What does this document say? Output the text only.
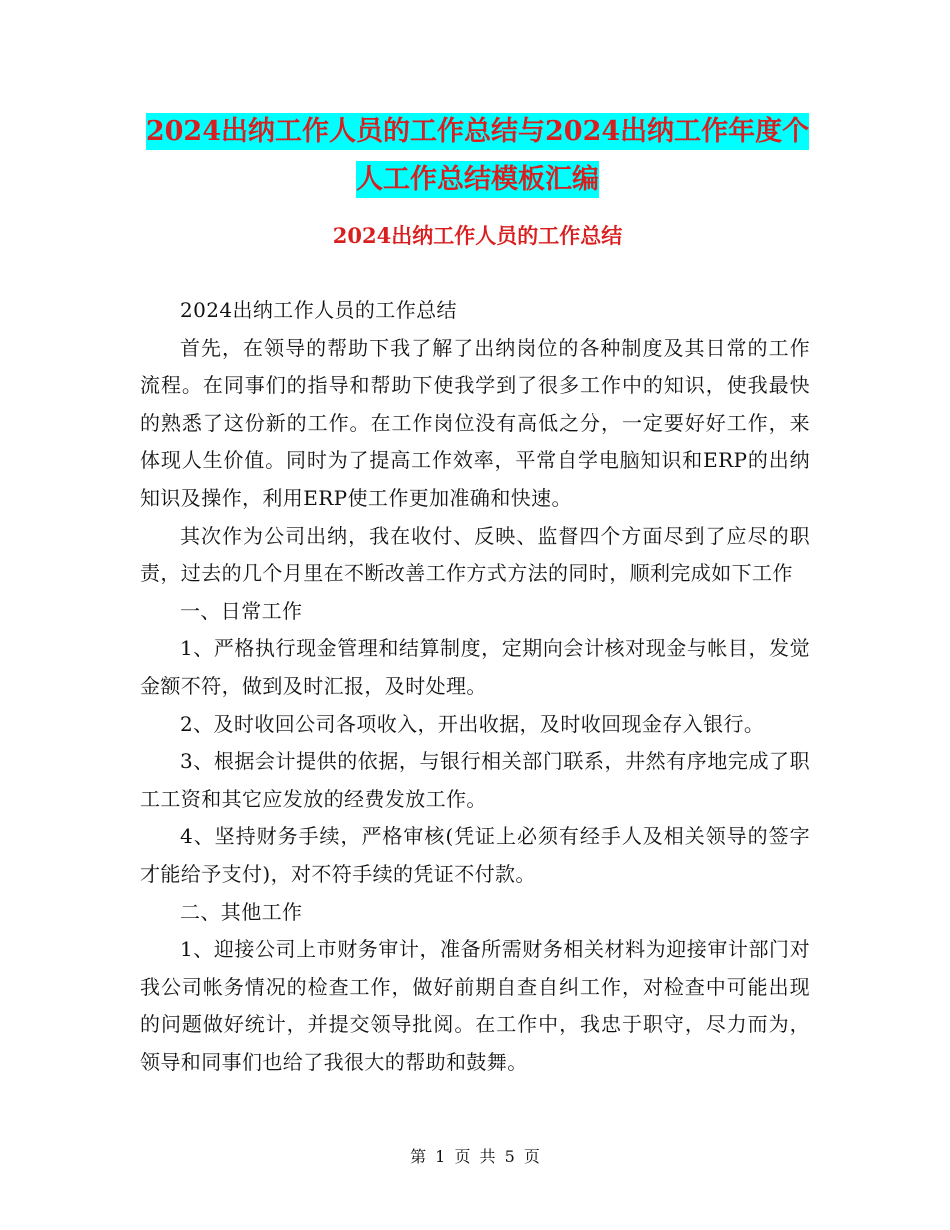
2024出纳工作人员的工作总结与2024出纳工作年度个
人工作总结模板汇编
2024出纳工作人员的工作总结

2024出纳工作人员的工作总结

首先，在领导的帮助下我了解了出纳岗位的各种制度及其日常的工作流程。在同事们的指导和帮助下使我学到了很多工作中的知识，使我最快的熟悉了这份新的工作。在工作岗位没有高低之分，一定要好好工作，来体现人生价值。同时为了提高工作效率，平常自学电脑知识和ERP的出纳知识及操作，利用ERP使工作更加准确和快速。

其次作为公司出纳，我在收付、反映、监督四个方面尽到了应尽的职责，过去的几个月里在不断改善工作方式方法的同时，顺利完成如下工作

一、日常工作

1、严格执行现金管理和结算制度，定期向会计核对现金与帐目，发觉金额不符，做到及时汇报，及时处理。

2、及时收回公司各项收入，开出收据，及时收回现金存入银行。

3、根据会计提供的依据，与银行相关部门联系，井然有序地完成了职工工资和其它应发放的经费发放工作。

4、坚持财务手续，严格审核(凭证上必须有经手人及相关领导的签字才能给予支付)，对不符手续的凭证不付款。

二、其他工作

1、迎接公司上市财务审计，准备所需财务相关材料为迎接审计部门对我公司帐务情况的检查工作，做好前期自查自纠工作，对检查中可能出现的问题做好统计，并提交领导批阅。在工作中，我忠于职守，尽力而为，领导和同事们也给了我很大的帮助和鼓舞。

第 1 页 共 5 页
